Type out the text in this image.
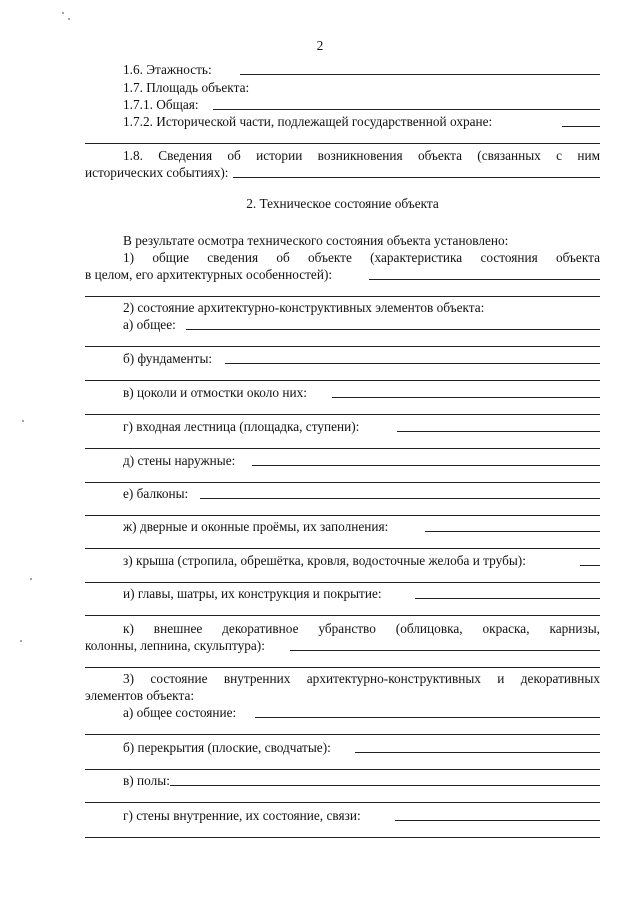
2
1.6. Этажность:
1.7. Площадь объекта:
1.7.1. Общая:
1.7.2. Исторической части, подлежащей государственной охране:
1.8. Сведения об истории возникновения объекта (связанных с ним
исторических событиях):
2. Техническое состояние объекта
В результате осмотра технического состояния объекта установлено:
1) общие сведения об объекте (характеристика состояния объекта
в целом, его архитектурных особенностей):
2) состояние архитектурно-конструктивных элементов объекта:
а) общее:
б) фундаменты:
в) цоколи и отмостки около них:
г) входная лестница (площадка, ступени):
д) стены наружные:
е) балконы:
ж) дверные и оконные проёмы, их заполнения:
з) крыша (стропила, обрешётка, кровля, водосточные желоба и трубы):
и) главы, шатры, их конструкция и покрытие:
к) внешнее декоративное убранство (облицовка, окраска, карнизы,
колонны, лепнина, скульптура):
3) состояние внутренних архитектурно-конструктивных и декоративных
элементов объекта:
а) общее состояние:
б) перекрытия (плоские, сводчатые):
в) полы:
г) стены внутренние, их состояние, связи:
